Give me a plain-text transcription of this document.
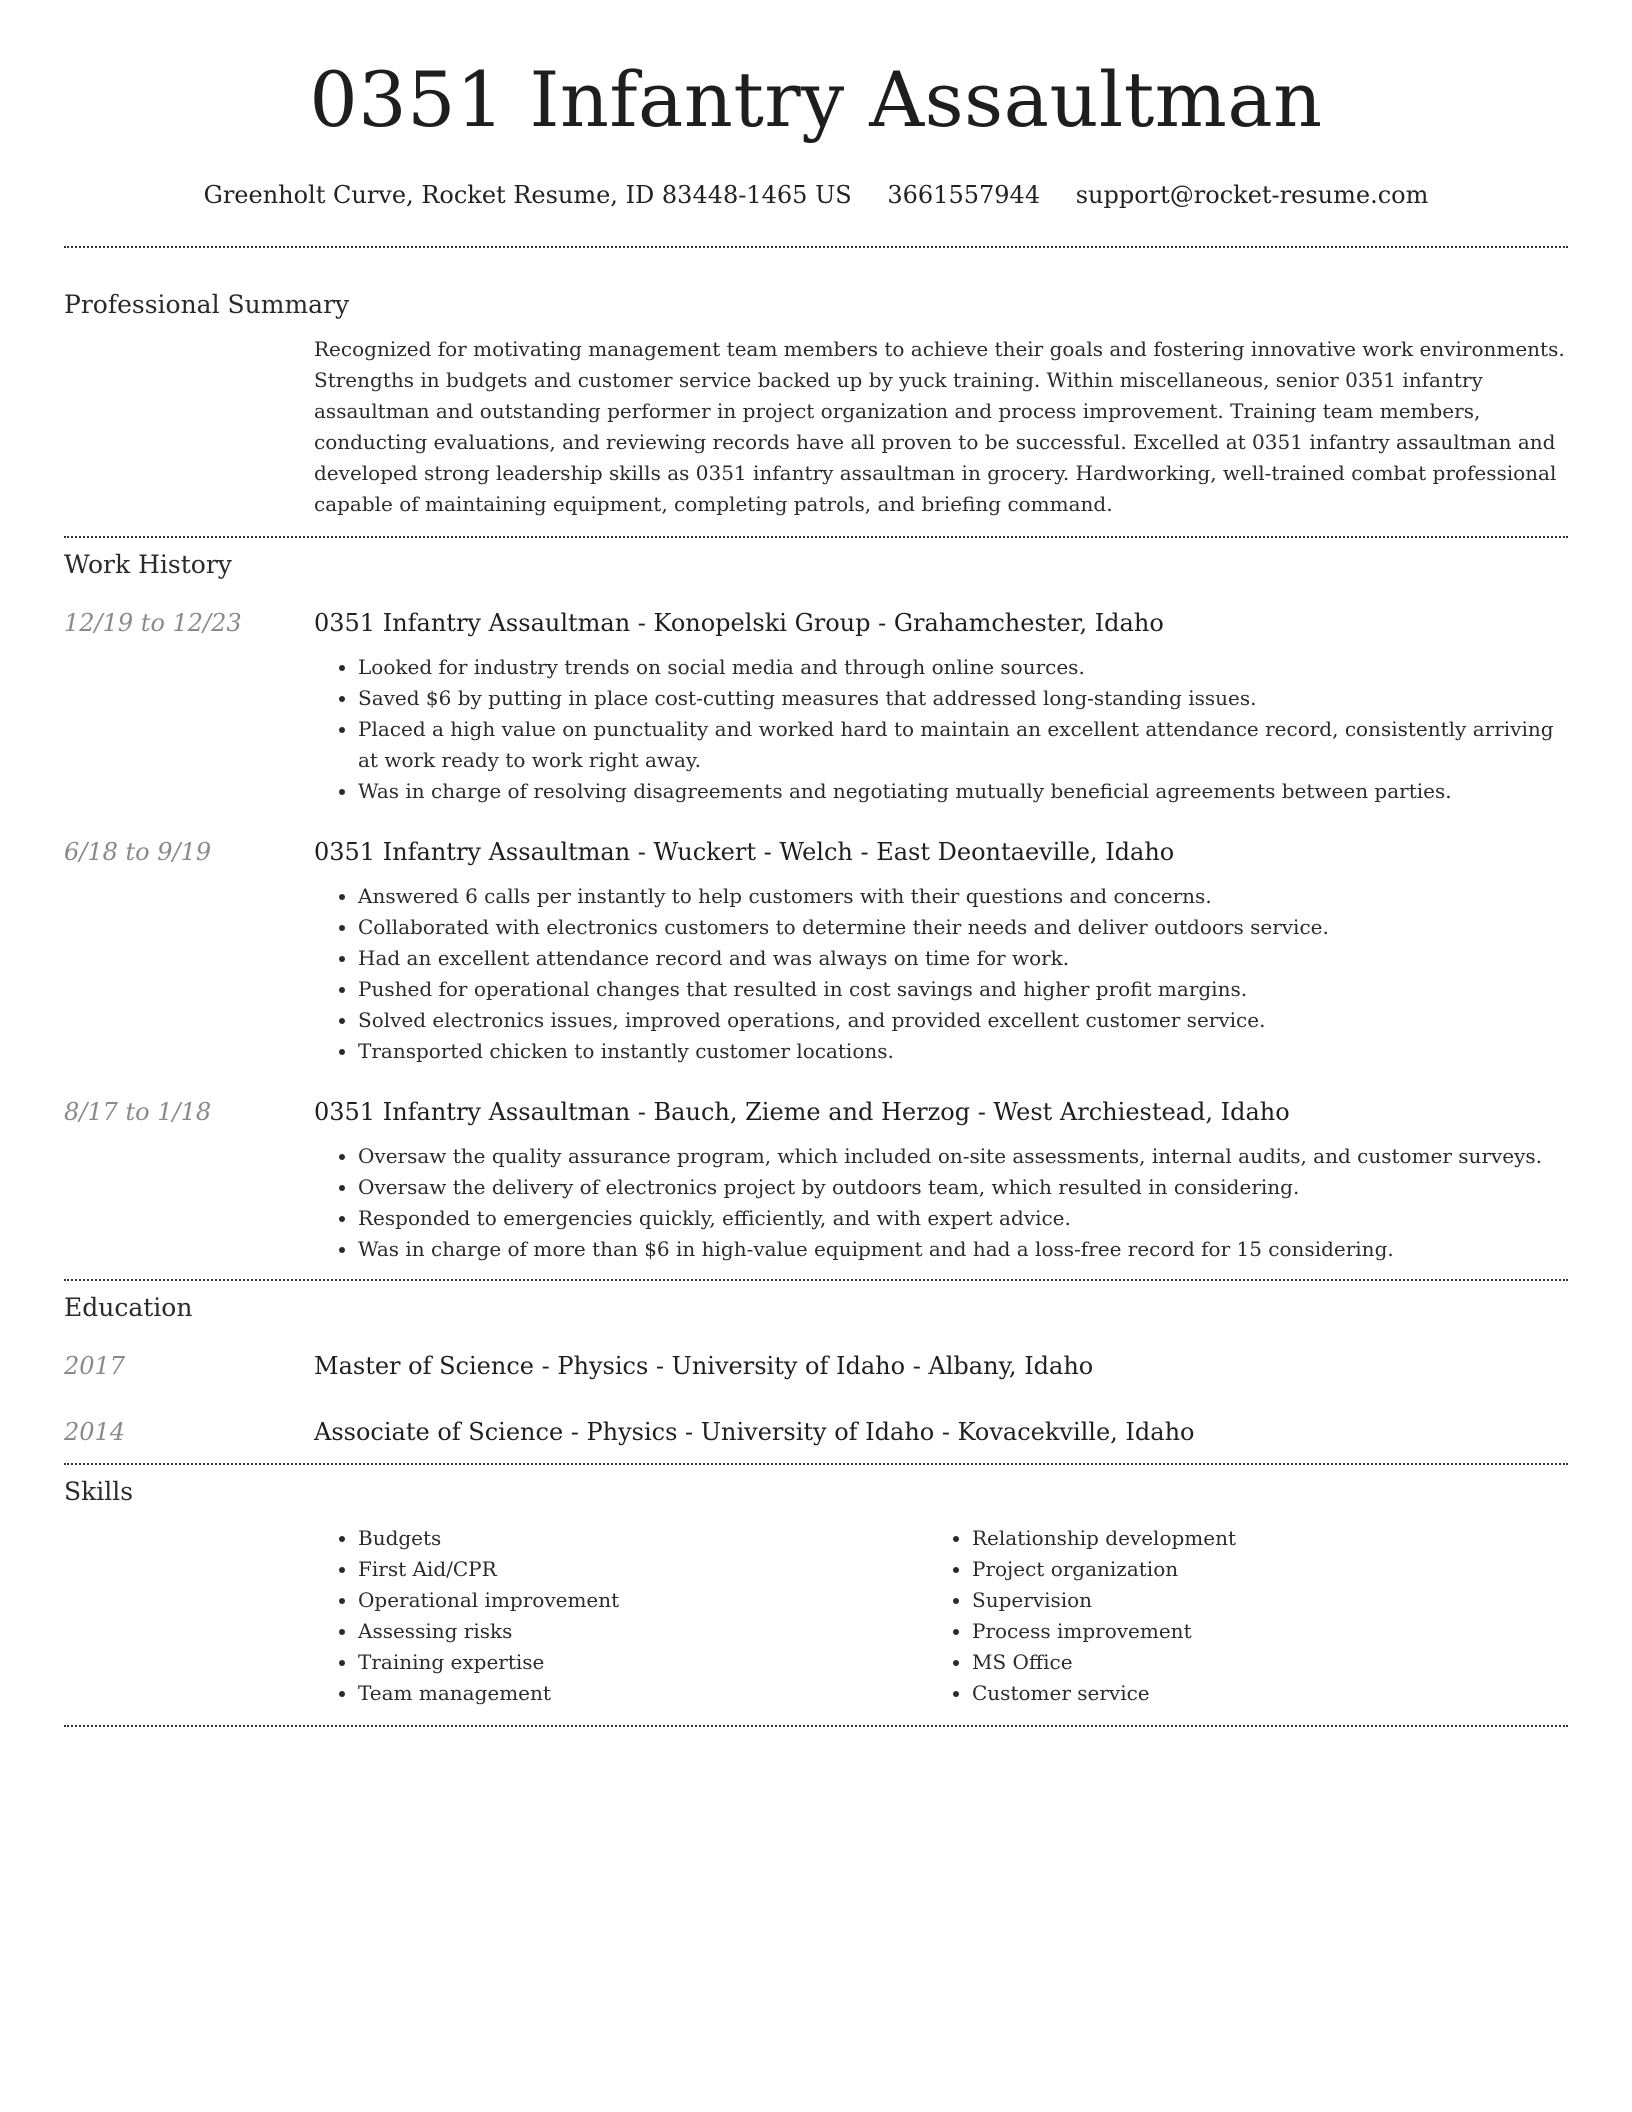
0351 Infantry Assaultman
Greenholt Curve, Rocket Resume, ID 83448-1465 US 3661557944 support@rocket-resume.com
Professional Summary
Recognized for motivating management team members to achieve their goals and fostering innovative work environments. Strengths in budgets and customer service backed up by yuck training. Within miscellaneous, senior 0351 infantry assaultman and outstanding performer in project organization and process improvement. Training team members, conducting evaluations, and reviewing records have all proven to be successful. Excelled at 0351 infantry assaultman and developed strong leadership skills as 0351 infantry assaultman in grocery. Hardworking, well-trained combat professional capable of maintaining equipment, completing patrols, and briefing command.
Work History
12/19 to 12/23	0351 Infantry Assaultman - Konopelski Group - Grahamchester, Idaho
• Looked for industry trends on social media and through online sources.
• Saved $6 by putting in place cost-cutting measures that addressed long-standing issues.
• Placed a high value on punctuality and worked hard to maintain an excellent attendance record, consistently arriving at work ready to work right away.
• Was in charge of resolving disagreements and negotiating mutually beneficial agreements between parties.
6/18 to 9/19	0351 Infantry Assaultman - Wuckert - Welch - East Deontaeville, Idaho
• Answered 6 calls per instantly to help customers with their questions and concerns.
• Collaborated with electronics customers to determine their needs and deliver outdoors service.
• Had an excellent attendance record and was always on time for work.
• Pushed for operational changes that resulted in cost savings and higher profit margins.
• Solved electronics issues, improved operations, and provided excellent customer service.
• Transported chicken to instantly customer locations.
8/17 to 1/18	0351 Infantry Assaultman - Bauch, Zieme and Herzog - West Archiestead, Idaho
• Oversaw the quality assurance program, which included on-site assessments, internal audits, and customer surveys.
• Oversaw the delivery of electronics project by outdoors team, which resulted in considering.
• Responded to emergencies quickly, efficiently, and with expert advice.
• Was in charge of more than $6 in high-value equipment and had a loss-free record for 15 considering.
Education
2017	Master of Science - Physics - University of Idaho - Albany, Idaho
2014	Associate of Science - Physics - University of Idaho - Kovacekville, Idaho
Skills
• Budgets
• First Aid/CPR
• Operational improvement
• Assessing risks
• Training expertise
• Team management
• Relationship development
• Project organization
• Supervision
• Process improvement
• MS Office
• Customer service
